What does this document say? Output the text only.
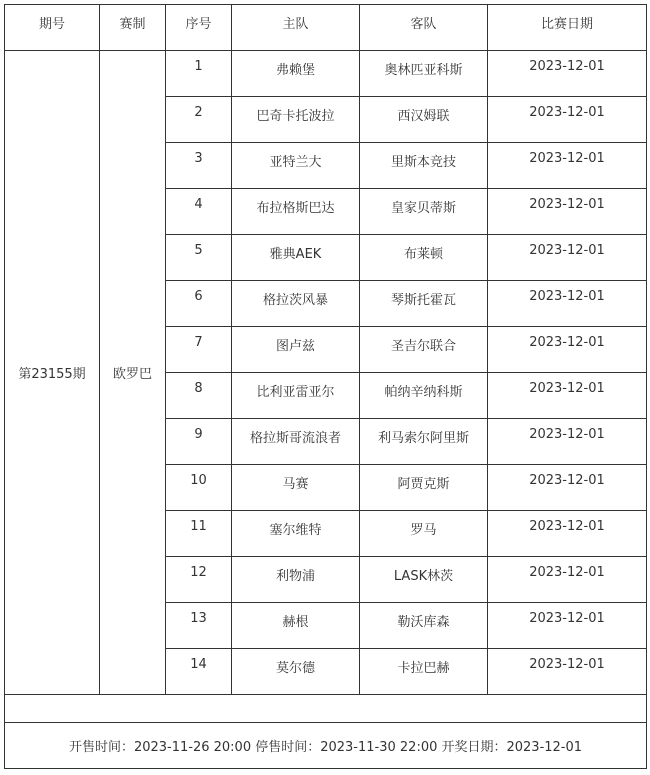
期号	赛制	序号	主队	客队	比赛日期
第23155期	欧罗巴	1	弗赖堡	奥林匹亚科斯	2023-12-01
		2	巴奇卡托波拉	西汉姆联	2023-12-01
		3	亚特兰大	里斯本竞技	2023-12-01
		4	布拉格斯巴达	皇家贝蒂斯	2023-12-01
		5	雅典AEK	布莱顿	2023-12-01
		6	格拉茨风暴	琴斯托霍瓦	2023-12-01
		7	图卢兹	圣吉尔联合	2023-12-01
		8	比利亚雷亚尔	帕纳辛纳科斯	2023-12-01
		9	格拉斯哥流浪者	利马索尔阿里斯	2023-12-01
		10	马赛	阿贾克斯	2023-12-01
		11	塞尔维特	罗马	2023-12-01
		12	利物浦	LASK林茨	2023-12-01
		13	赫根	勒沃库森	2023-12-01
		14	莫尔德	卡拉巴赫	2023-12-01

开售时间：2023-11-26 20:00 停售时间：2023-11-30 22:00 开奖日期：2023-12-01					
